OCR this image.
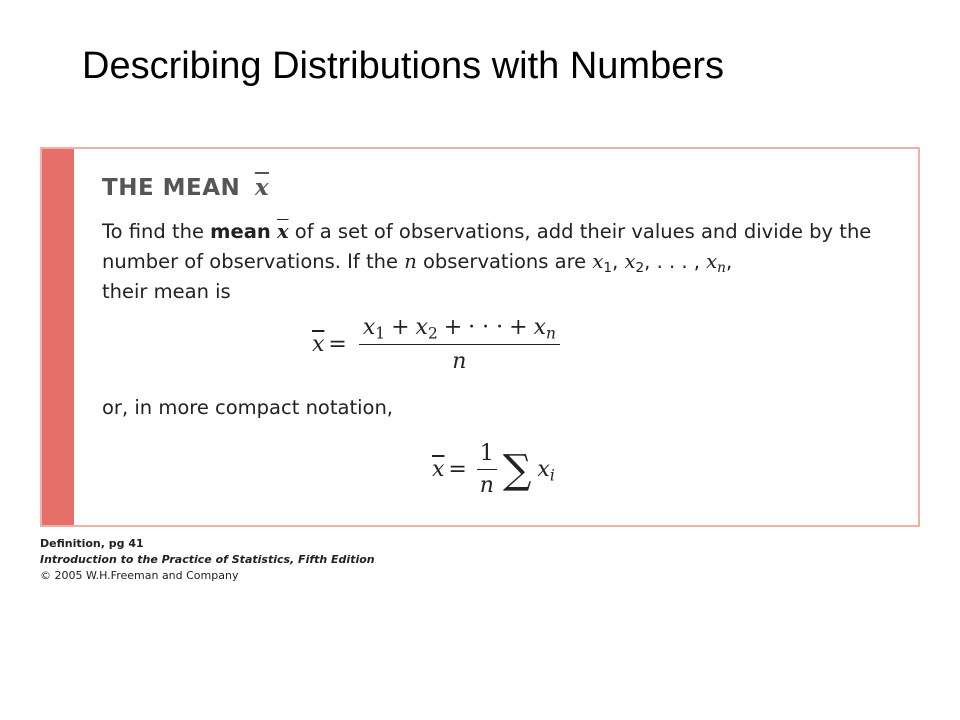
Describing Distributions with Numbers
THE MEAN $\overline{x}$

To find the mean $\overline{x}$ of a set of observations, add their values and divide by the number of observations. If the n observations are $x_1$, $x_2$, . . . , $x_n$,
their mean is

$\overline{x} = \frac{x_1 + x_2 + \cdot \cdot \cdot + x_n}{n}$
or, in more compact notation,
$\overline{x} = \frac{1}{n}$ ∑ $x_i$
Definition, pg 41
Introduction to the Practice of Statistics, Fifth Edition
© 2005 W.H.Freeman and Company
